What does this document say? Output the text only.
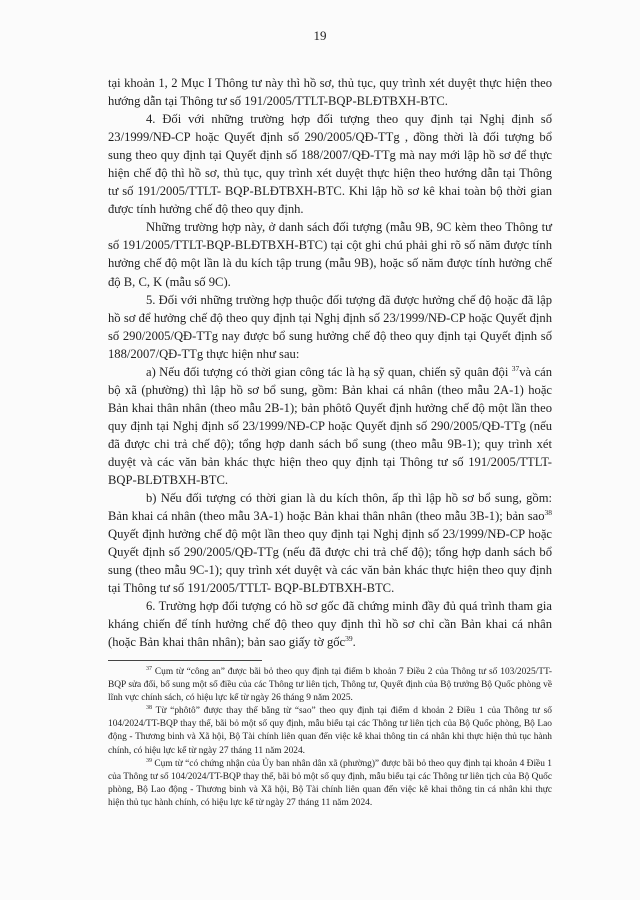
19

tại khoản 1, 2 Mục I Thông tư này thì hồ sơ, thủ tục, quy trình xét duyệt thực hiện theo hướng dẫn tại Thông tư số 191/2005/TTLT-BQP-BLĐTBXH-BTC.

4. Đối với những trường hợp đối tượng theo quy định tại Nghị định số 23/1999/NĐ-CP hoặc Quyết định số 290/2005/QĐ-TTg , đồng thời là đối tượng bổ sung theo quy định tại Quyết định số 188/2007/QĐ-TTg mà nay mới lập hồ sơ để thực hiện chế độ thì hồ sơ, thủ tục, quy trình xét duyệt thực hiện theo hướng dẫn tại Thông tư số 191/2005/TTLT- BQP-BLĐTBXH-BTC. Khi lập hồ sơ kê khai toàn bộ thời gian được tính hưởng chế độ theo quy định.

Những trường hợp này, ở danh sách đối tượng (mẫu 9B, 9C kèm theo Thông tư số 191/2005/TTLT-BQP-BLĐTBXH-BTC) tại cột ghi chú phải ghi rõ số năm được tính hưởng chế độ một lần là du kích tập trung (mẫu 9B), hoặc số năm được tính hưởng chế độ B, C, K (mẫu số 9C).

5. Đối với những trường hợp thuộc đối tượng đã được hưởng chế độ hoặc đã lập hồ sơ để hưởng chế độ theo quy định tại Nghị định số 23/1999/NĐ-CP hoặc Quyết định số 290/2005/QĐ-TTg nay được bổ sung hưởng chế độ theo quy định tại Quyết định số 188/2007/QĐ-TTg thực hiện như sau:

a) Nếu đối tượng có thời gian công tác là hạ sỹ quan, chiến sỹ quân đội $^{37}$và cán bộ xã (phường) thì lập hồ sơ bổ sung, gồm: Bản khai cá nhân (theo mẫu 2A-1) hoặc Bản khai thân nhân (theo mẫu 2B-1); bản phôtô Quyết định hưởng chế độ một lần theo quy định tại Nghị định số 23/1999/NĐ-CP hoặc Quyết định số 290/2005/QĐ-TTg (nếu đã được chi trả chế độ); tổng hợp danh sách bổ sung (theo mẫu 9B-1); quy trình xét duyệt và các văn bản khác thực hiện theo quy định tại Thông tư số 191/2005/TTLT- BQP-BLĐTBXH-BTC.

b) Nếu đối tượng có thời gian là du kích thôn, ấp thì lập hồ sơ bổ sung, gồm: Bản khai cá nhân (theo mẫu 3A-1) hoặc Bản khai thân nhân (theo mẫu 3B-1); bản sao$^{38}$ Quyết định hưởng chế độ một lần theo quy định tại Nghị định số 23/1999/NĐ-CP hoặc Quyết định số 290/2005/QĐ-TTg (nếu đã được chi trả chế độ); tổng hợp danh sách bổ sung (theo mẫu 9C-1); quy trình xét duyệt và các văn bản khác thực hiện theo quy định tại Thông tư số 191/2005/TTLT- BQP-BLĐTBXH-BTC.

6. Trường hợp đối tượng có hồ sơ gốc đã chứng minh đầy đủ quá trình tham gia kháng chiến để tính hưởng chế độ theo quy định thì hồ sơ chỉ cần Bản khai cá nhân (hoặc Bản khai thân nhân); bản sao giấy tờ gốc$^{39}$.

$^{37}$ Cụm từ “công an” được bãi bỏ theo quy định tại điểm b khoản 7 Điều 2 của Thông tư số 103/2025/TT-BQP sửa đổi, bổ sung một số điều của các Thông tư liên tịch, Thông tư, Quyết định của Bộ trưởng Bộ Quốc phòng về lĩnh vực chính sách, có hiệu lực kể từ ngày 26 tháng 9 năm 2025.

$^{38}$ Từ “phôtô” được thay thế bằng từ “sao” theo quy định tại điểm d khoản 2 Điều 1 của Thông tư số 104/2024/TT-BQP thay thế, bãi bỏ một số quy định, mẫu biểu tại các Thông tư liên tịch của Bộ Quốc phòng, Bộ Lao động - Thương binh và Xã hội, Bộ Tài chính liên quan đến việc kê khai thông tin cá nhân khi thực hiện thủ tục hành chính, có hiệu lực kể từ ngày 27 tháng 11 năm 2024.

$^{39}$ Cụm từ “có chứng nhận của Ủy ban nhân dân xã (phường)” được bãi bỏ theo quy định tại khoản 4 Điều 1 của Thông tư số 104/2024/TT-BQP thay thế, bãi bỏ một số quy định, mẫu biểu tại các Thông tư liên tịch của Bộ Quốc phòng, Bộ Lao động - Thương binh và Xã hội, Bộ Tài chính liên quan đến việc kê khai thông tin cá nhân khi thực hiện thủ tục hành chính, có hiệu lực kể từ ngày 27 tháng 11 năm 2024.
